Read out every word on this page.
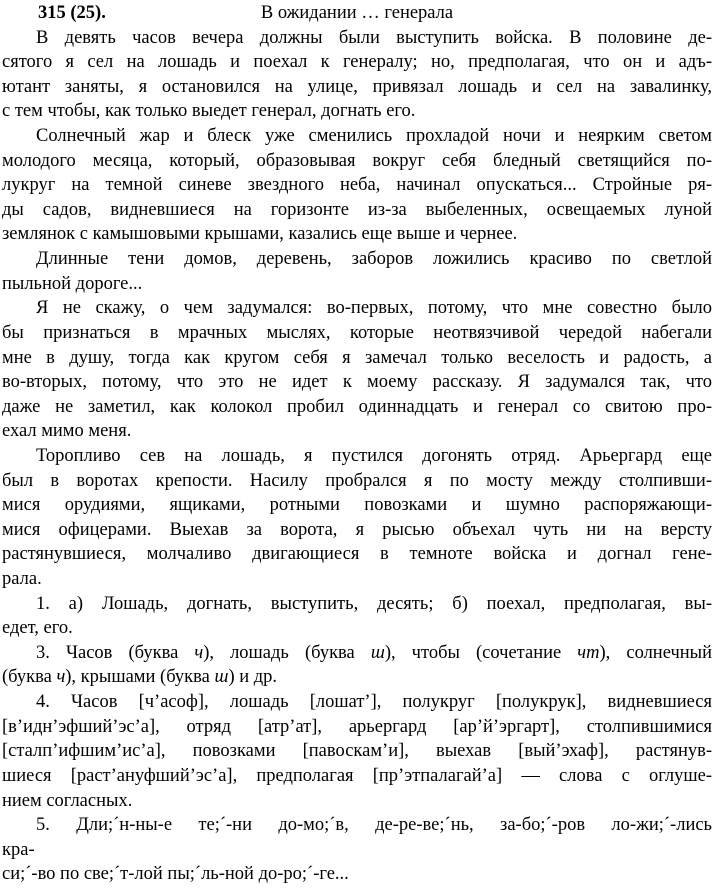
315 (25).	В ожидании … генерала
В девять часов вечера должны были выступить войска. В половине де-
сятого я сел на лошадь и поехал к генералу; но, предполагая, что он и адъ-
ютант заняты, я остановился на улице, привязал лошадь и сел на завалинку,
с тем чтобы, как только выедет генерал, догнать его.
Солнечный жар и блеск уже сменились прохладой ночи и неярким светом
молодого месяца, который, образовывая вокруг себя бледный светящийся по-
лукруг на темной синеве звездного неба, начинал опускаться... Стройные ря-
ды садов, видневшиеся на горизонте из-за выбеленных, освещаемых луной
землянок с камышовыми крышами, казались еще выше и чернее.
Длинные тени домов, деревень, заборов ложились красиво по светлой
пыльной дороге...
Я не скажу, о чем задумался: во-первых, потому, что мне совестно было
бы признаться в мрачных мыслях, которые неотвязчивой чередой набегали
мне в душу, тогда как кругом себя я замечал только веселость и радость, а
во-вторых, потому, что это не идет к моему рассказу. Я задумался так, что
даже не заметил, как колокол пробил одиннадцать и генерал со свитою про-
ехал мимо меня.
Торопливо сев на лошадь, я пустился догонять отряд. Арьергард еще
был в воротах крепости. Насилу пробрался я по мосту между столпивши-
мися орудиями, ящиками, ротными повозками и шумно распоряжающи-
мися офицерами. Выехав за ворота, я рысью объехал чуть ни на версту
растянувшиеся, молчаливо двигающиеся в темноте войска и догнал гене-
рала.
1. а) Лошадь, догнать, выступить, десять; б) поехал, предполагая, вы-
едет, его.
3. Часов (буква ч), лошадь (буква ш), чтобы (сочетание чт), солнечный
(буква ч), крышами (буква ш) и др.
4. Часов [ч’асоф], лошадь [лошат’], полукруг [полукрук], видневшиеся
[в’идн’эфший’эс’а], отряд [атр’ат], арьергард [ар’й’эргарт], столпившимися
[сталп’ифшим’ис’а], повозками [павоскам’и], выехав [вый’эхаф], растянув-
шиеся [раст’ануфший’эс’а], предполагая [пр’этпалагай’а] — слова с оглуше-
нием согласных.
5. Дли;´н-ны-е те;´-ни до-мо;´в, де-ре-ве;´нь, за-бо;´-ров ло-жи;´-лись
кра-
си;´-во по све;´т-лой пы;´ль-ной до-ро;´-ге...
